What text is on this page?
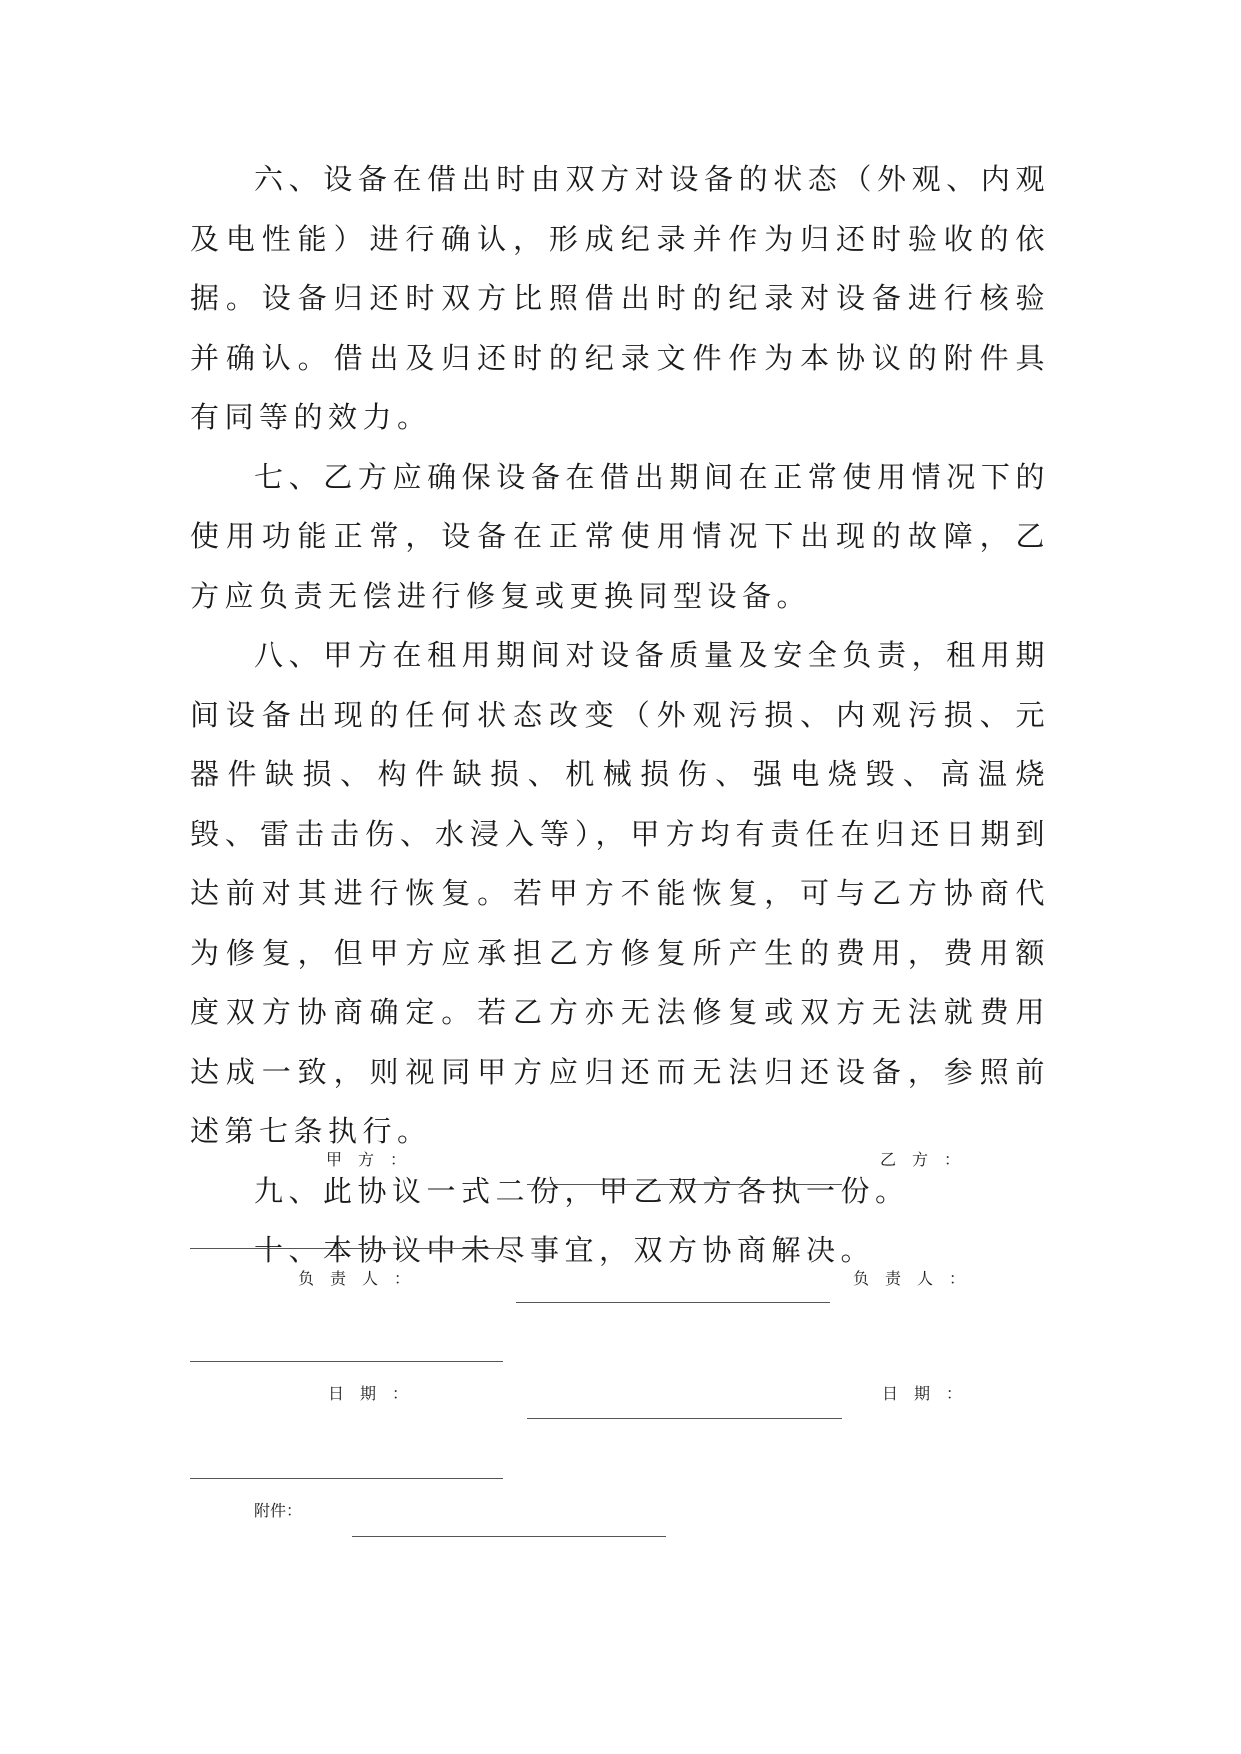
六、设备在借出时由双方对设备的状态（外观、内观及电性能）进行确认，形成纪录并作为归还时验收的依据。设备归还时双方比照借出时的纪录对设备进行核验并确认。借出及归还时的纪录文件作为本协议的附件具有同等的效力。

七、乙方应确保设备在借出期间在正常使用情况下的使用功能正常，设备在正常使用情况下出现的故障，乙方应负责无偿进行修复或更换同型设备。

八、甲方在租用期间对设备质量及安全负责，租用期间设备出现的任何状态改变（外观污损、内观污损、元器件缺损、构件缺损、机械损伤、强电烧毁、高温烧毁、雷击击伤、水浸入等），甲方均有责任在归还日期到达前对其进行恢复。若甲方不能恢复，可与乙方协商代为修复，但甲方应承担乙方修复所产生的费用，费用额度双方协商确定。若乙方亦无法修复或双方无法就费用达成一致，则视同甲方应归还而无法归还设备，参照前述第七条执行。

九、此协议一式二份，甲乙双方各执一份。

十、本协议中未尽事宜，双方协商解决。

甲　方　：	乙　方　：
负　责　人　：	负　责　人　：
日　期　：	日　期　：
附件：
